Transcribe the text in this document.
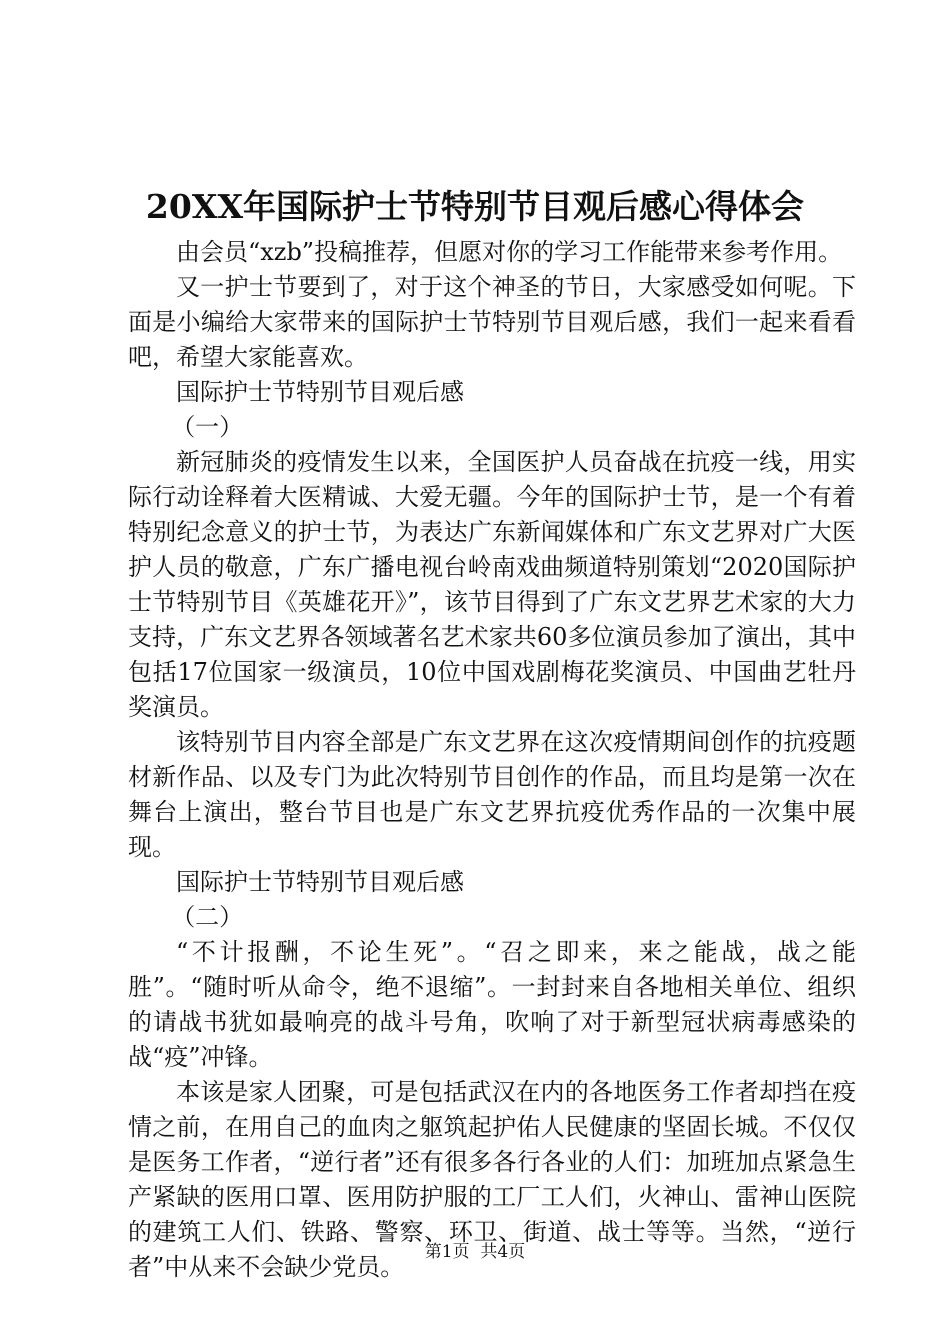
20XX年国际护士节特别节目观后感心得体会

由会员“xzb”投稿推荐，但愿对你的学习工作能带来参考作用。

又一护士节要到了，对于这个神圣的节日，大家感受如何呢。下面是小编给大家带来的国际护士节特别节目观后感，我们一起来看看吧，希望大家能喜欢。

国际护士节特别节目观后感

（一）

新冠肺炎的疫情发生以来，全国医护人员奋战在抗疫一线，用实际行动诠释着大医精诚、大爱无疆。今年的国际护士节，是一个有着特别纪念意义的护士节，为表达广东新闻媒体和广东文艺界对广大医护人员的敬意，广东广播电视台岭南戏曲频道特别策划“2020国际护士节特别节目《英雄花开》”，该节目得到了广东文艺界艺术家的大力支持，广东文艺界各领域著名艺术家共60多位演员参加了演出，其中包括17位国家一级演员，10位中国戏剧梅花奖演员、中国曲艺牡丹奖演员。

该特别节目内容全部是广东文艺界在这次疫情期间创作的抗疫题材新作品、以及专门为此次特别节目创作的作品，而且均是第一次在舞台上演出，整台节目也是广东文艺界抗疫优秀作品的一次集中展现。

国际护士节特别节目观后感

（二）

“不计报酬，不论生死”。“召之即来，来之能战，战之能胜”。“随时听从命令，绝不退缩”。一封封来自各地相关单位、组织的请战书犹如最响亮的战斗号角，吹响了对于新型冠状病毒感染的战“疫”冲锋。

本该是家人团聚，可是包括武汉在内的各地医务工作者却挡在疫情之前，在用自己的血肉之躯筑起护佑人民健康的坚固长城。不仅仅是医务工作者，“逆行者”还有很多各行各业的人们：加班加点紧急生产紧缺的医用口罩、医用防护服的工厂工人们，火神山、雷神山医院的建筑工人们、铁路、警察、环卫、街道、战士等等。当然，“逆行者”中从来不会缺少党员。

第1页  共4页
